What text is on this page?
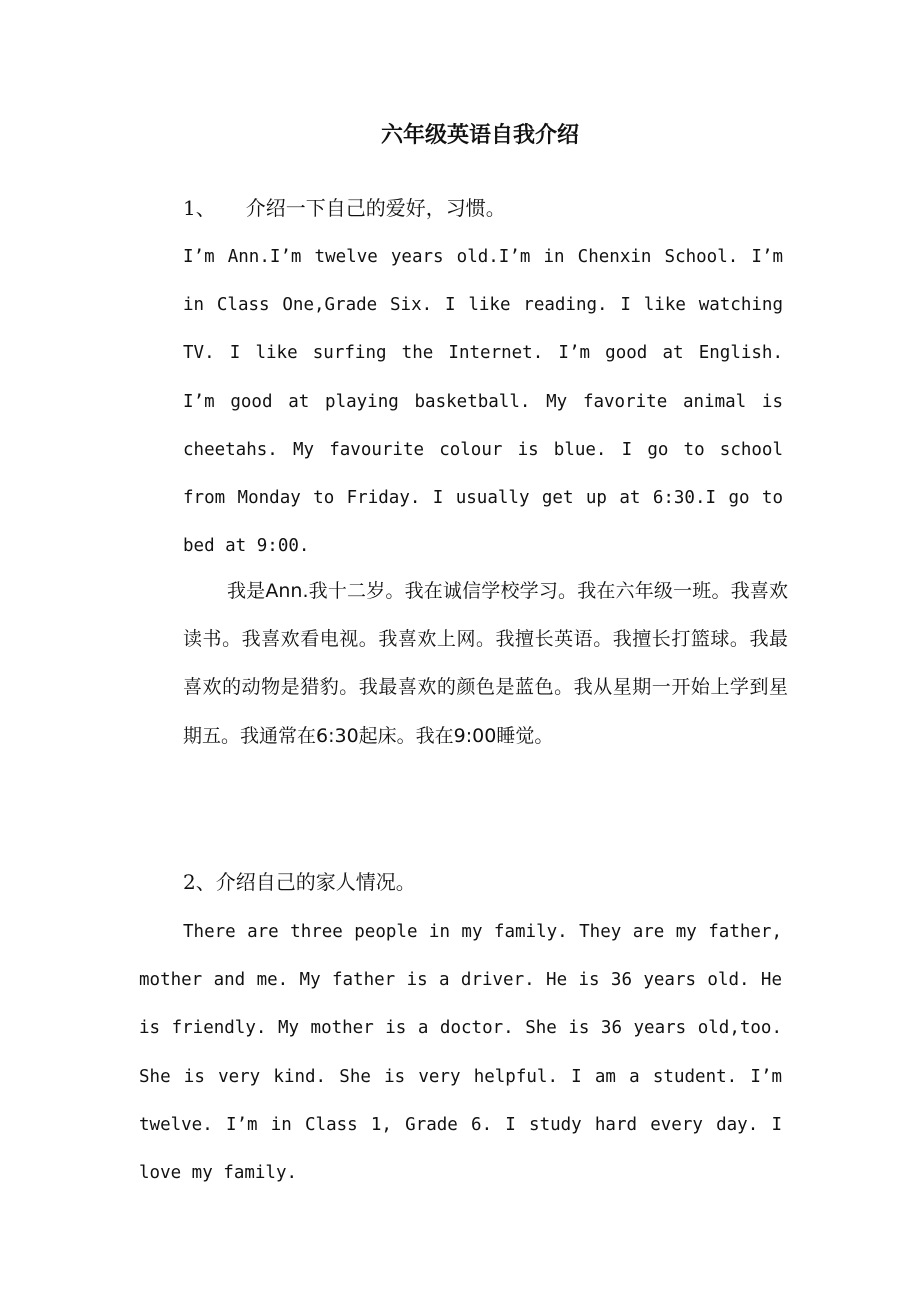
六年级英语自我介绍
1、 介绍一下自己的爱好，习惯。

I’m Ann.I’m twelve years old.I’m in Chenxin School. I’m in Class One,Grade Six. I like reading. I like watching TV. I like surfing the Internet. I’m good at English. I’m good at playing basketball. My favorite animal is cheetahs. My favourite colour is blue. I go to school from Monday to Friday. I usually get up at 6:30.I go to bed at 9:00.

我是Ann.我十二岁。我在诚信学校学习。我在六年级一班。我喜欢读书。我喜欢看电视。我喜欢上网。我擅长英语。我擅长打篮球。我最喜欢的动物是猎豹。我最喜欢的颜色是蓝色。我从星期一开始上学到星期五。我通常在6:30起床。我在9:00睡觉。

2、介绍自己的家人情况。

There are three people in my family. They are my father, mother and me. My father is a driver. He is 36 years old. He is friendly. My mother is a doctor. She is 36 years old,too. She is very kind. She is very helpful. I am a student. I’m twelve. I’m in Class 1, Grade 6. I study hard every day. I love my family.
